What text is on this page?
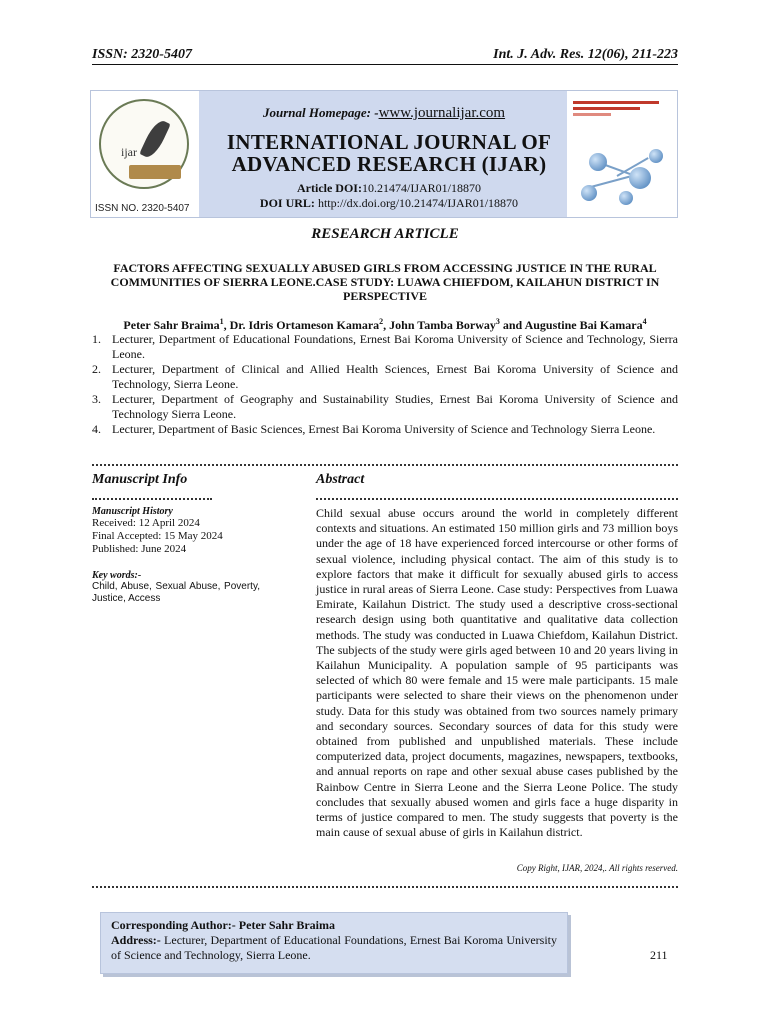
ISSN: 2320-5407	Int. J. Adv. Res. 12(06), 211-223
ijar
ISSN NO. 2320-5407
Journal Homepage: -www.journalijar.com
INTERNATIONAL JOURNAL OF ADVANCED RESEARCH (IJAR)
Article DOI:10.21474/IJAR01/18870
DOI URL: http://dx.doi.org/10.21474/IJAR01/18870
RESEARCH ARTICLE
FACTORS AFFECTING SEXUALLY ABUSED GIRLS FROM ACCESSING JUSTICE IN THE RURAL COMMUNITIES OF SIERRA LEONE.CASE STUDY: LUAWA CHIEFDOM, KAILAHUN DISTRICT IN PERSPECTIVE
Peter Sahr Braima$^1$, Dr. Idris Ortameson Kamara$^2$, John Tamba Borway$^3$ and Augustine Bai Kamara$^4$
1. Lecturer, Department of Educational Foundations, Ernest Bai Koroma University of Science and Technology, Sierra Leone.
2. Lecturer, Department of Clinical and Allied Health Sciences, Ernest Bai Koroma University of Science and Technology, Sierra Leone.
3. Lecturer, Department of Geography and Sustainability Studies, Ernest Bai Koroma University of Science and Technology Sierra Leone.
4. Lecturer, Department of Basic Sciences, Ernest Bai Koroma University of Science and Technology Sierra Leone.
Manuscript Info
Manuscript History
Received: 12 April 2024
Final Accepted: 15 May 2024
Published: June 2024
Key words:-
Child, Abuse, Sexual Abuse, Poverty, Justice, Access
Abstract
Child sexual abuse occurs around the world in completely different contexts and situations. An estimated 150 million girls and 73 million boys under the age of 18 have experienced forced intercourse or other forms of sexual violence, including physical contact. The aim of this study is to explore factors that make it difficult for sexually abused girls to access justice in rural areas of Sierra Leone. Case study: Perspectives from Luawa Emirate, Kailahun District. The study used a descriptive cross-sectional research design using both quantitative and qualitative data collection methods. The study was conducted in Luawa Chiefdom, Kailahun District. The subjects of the study were girls aged between 10 and 20 years living in Kailahun Municipality. A population sample of 95 participants was selected of which 80 were female and 15 were male participants. 15 male participants were selected to share their views on the phenomenon under study. Data for this study was obtained from two sources namely primary and secondary sources. Secondary sources of data for this study were obtained from published and unpublished materials. These include computerized data, project documents, magazines, newspapers, textbooks, and annual reports on rape and other sexual abuse cases published by the Rainbow Centre in Sierra Leone and the Sierra Leone Police. The study concludes that sexually abused women and girls face a huge disparity in terms of justice compared to men. The study suggests that poverty is the main cause of sexual abuse of girls in Kailahun district.
Copy Right, IJAR, 2024,. All rights reserved.
Corresponding Author:- Peter Sahr Braima
Address:- Lecturer, Department of Educational Foundations, Ernest Bai Koroma University of Science and Technology, Sierra Leone.	211
